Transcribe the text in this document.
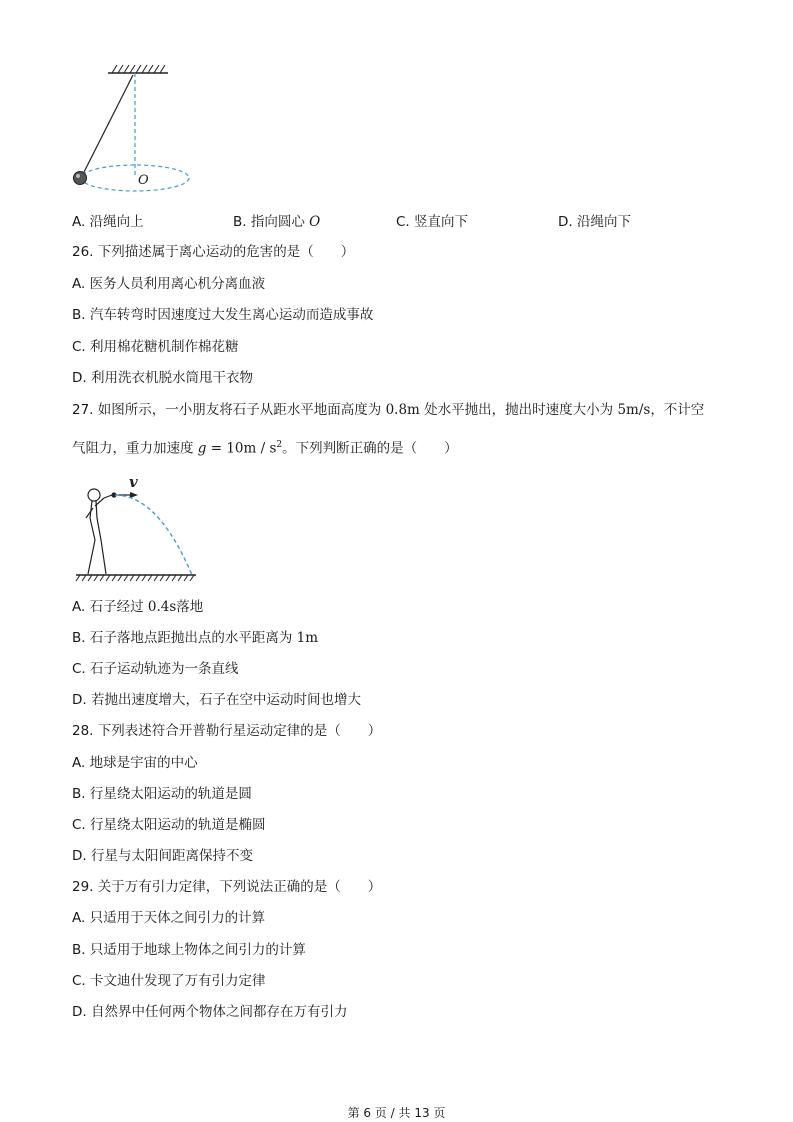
O
A. 沿绳向上	B. 指向圆心 O	C. 竖直向下	D. 沿绳向下
26. 下列描述属于离心运动的危害的是（　　）
A. 医务人员利用离心机分离血液
B. 汽车转弯时因速度过大发生离心运动而造成事故
C. 利用棉花糖机制作棉花糖
D. 利用洗衣机脱水筒甩干衣物
27. 如图所示，一小朋友将石子从距水平地面高度为 0.8m 处水平抛出，抛出时速度大小为 5m/s，不计空
气阻力，重力加速度 $g = 10m / s^2$。下列判断正确的是（　　）
v
A. 石子经过 0.4s落地
B. 石子落地点距抛出点的水平距离为 1m
C. 石子运动轨迹为一条直线
D. 若抛出速度增大，石子在空中运动时间也增大
28. 下列表述符合开普勒行星运动定律的是（　　）
A. 地球是宇宙的中心
B. 行星绕太阳运动的轨道是圆
C. 行星绕太阳运动的轨道是椭圆
D. 行星与太阳间距离保持不变
29. 关于万有引力定律，下列说法正确的是（　　）
A. 只适用于天体之间引力的计算
B. 只适用于地球上物体之间引力的计算
C. 卡文迪什发现了万有引力定律
D. 自然界中任何两个物体之间都存在万有引力
第 6 页 / 共 13 页
